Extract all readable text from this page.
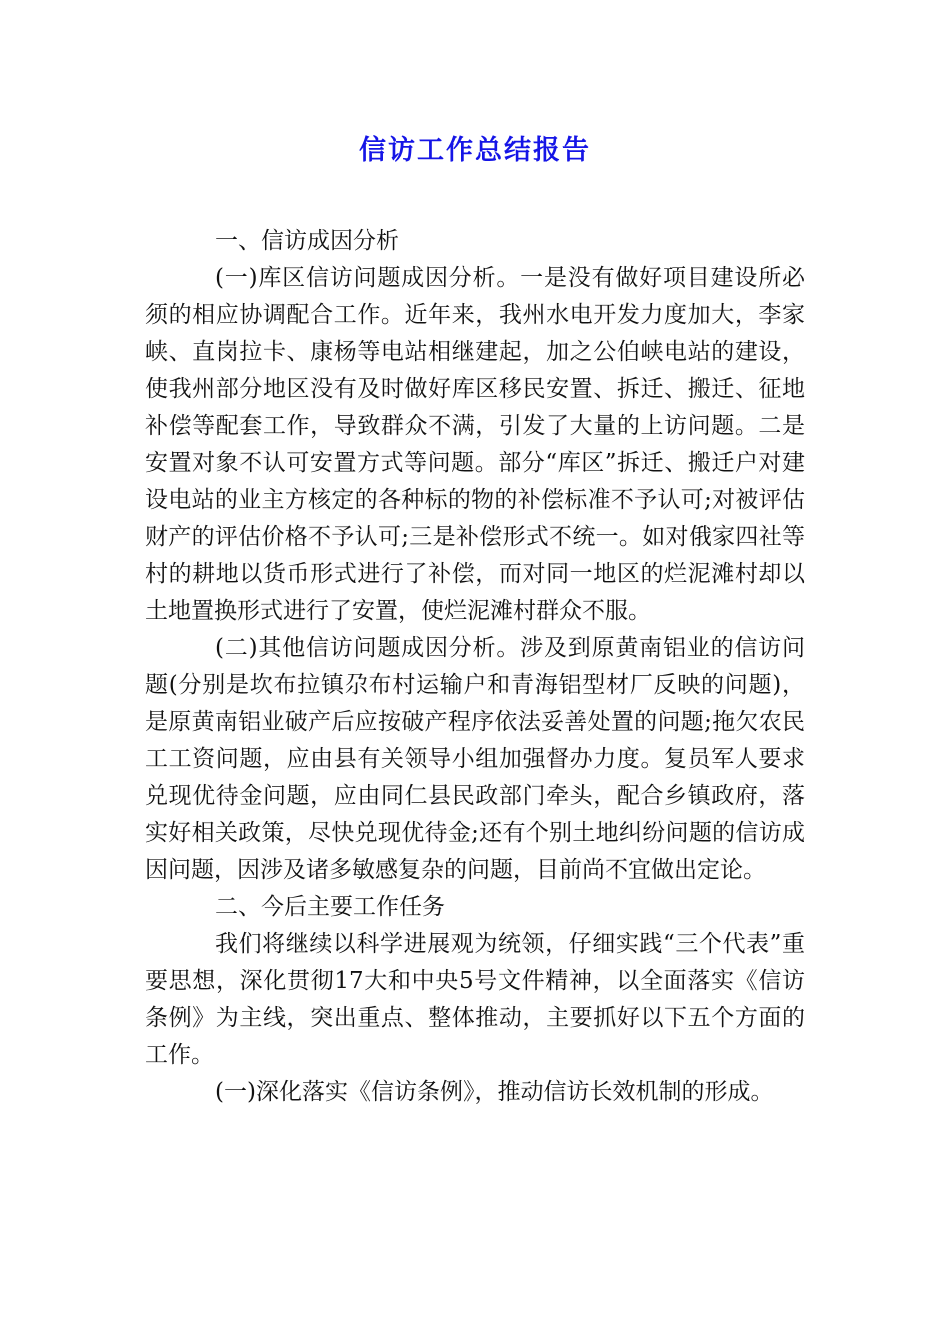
信访工作总结报告

一、信访成因分析

(一)库区信访问题成因分析。一是没有做好项目建设所必须的相应协调配合工作。近年来，我州水电开发力度加大，李家峡、直岗拉卡、康杨等电站相继建起，加之公伯峡电站的建设，使我州部分地区没有及时做好库区移民安置、拆迁、搬迁、征地补偿等配套工作，导致群众不满，引发了大量的上访问题。二是安置对象不认可安置方式等问题。部分“库区”拆迁、搬迁户对建设电站的业主方核定的各种标的物的补偿标准不予认可;对被评估财产的评估价格不予认可;三是补偿形式不统一。如对俄家四社等村的耕地以货币形式进行了补偿，而对同一地区的烂泥滩村却以土地置换形式进行了安置，使烂泥滩村群众不服。

(二)其他信访问题成因分析。涉及到原黄南铝业的信访问题(分别是坎布拉镇尕布村运输户和青海铝型材厂反映的问题)，是原黄南铝业破产后应按破产程序依法妥善处置的问题;拖欠农民工工资问题，应由县有关领导小组加强督办力度。复员军人要求兑现优待金问题，应由同仁县民政部门牵头，配合乡镇政府，落实好相关政策，尽快兑现优待金;还有个别土地纠纷问题的信访成因问题，因涉及诸多敏感复杂的问题，目前尚不宜做出定论。

二、今后主要工作任务

我们将继续以科学进展观为统领，仔细实践“三个代表”重要思想，深化贯彻17大和中央5号文件精神，以全面落实《信访条例》为主线，突出重点、整体推动，主要抓好以下五个方面的工作。

(一)深化落实《信访条例》，推动信访长效机制的形成。
